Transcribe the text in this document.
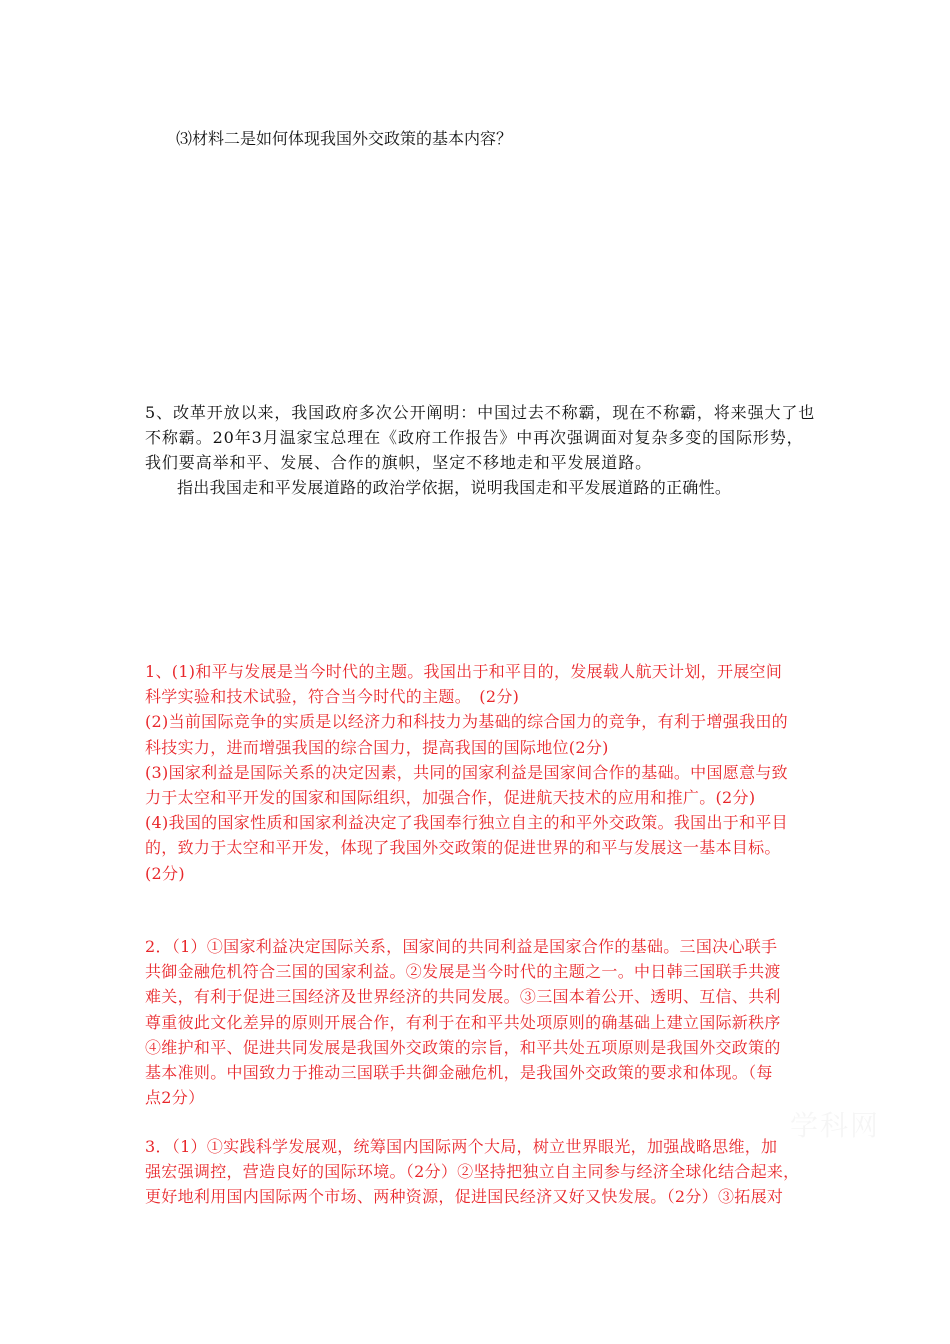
⑶材料二是如何体现我国外交政策的基本内容？
5、改革开放以来，我国政府多次公开阐明：中国过去不称霸，现在不称霸，将来强大了也
不称霸。20年3月温家宝总理在《政府工作报告》中再次强调面对复杂多变的国际形势，
我们要高举和平、发展、合作的旗帜，坚定不移地走和平发展道路。
指出我国走和平发展道路的政治学依据，说明我国走和平发展道路的正确性。
1、(1)和平与发展是当今时代的主题。我国出于和平目的，发展载人航天计划，开展空间
科学实验和技术试验，符合当今时代的主题。　(2分)
(2)当前国际竞争的实质是以经济力和科技力为基础的综合国力的竞争，有利于增强我田的
科技实力，进而增强我国的综合国力，提高我国的国际地位(2分)
(3)国家利益是国际关系的决定因素，共同的国家利益是国家间合作的基础。中国愿意与致
力于太空和平开发的国家和国际组织，加强合作，促进航天技术的应用和推广。(2分)
(4)我国的国家性质和国家利益决定了我国奉行独立自主的和平外交政策。我国出于和平目
的，致力于太空和平开发，体现了我国外交政策的促进世界的和平与发展这一基本目标。
(2分)
2．（1）①国家利益决定国际关系，国家间的共同利益是国家合作的基础。三国决心联手
共御金融危机符合三国的国家利益。②发展是当今时代的主题之一。中日韩三国联手共渡
难关，有利于促进三国经济及世界经济的共同发展。③三国本着公开、透明、互信、共利
尊重彼此文化差异的原则开展合作，有利于在和平共处项原则的确基础上建立国际新秩序
④维护和平、促进共同发展是我国外交政策的宗旨，和平共处五项原则是我国外交政策的
基本准则。中国致力于推动三国联手共御金融危机，是我国外交政策的要求和体现。（每
点2分）
3．（1）①实践科学发展观，统筹国内国际两个大局，树立世界眼光，加强战略思维，加
强宏强调控，营造良好的国际环境。（2分）②坚持把独立自主同参与经济全球化结合起来，
更好地利用国内国际两个市场、两种资源，促进国民经济又好又快发展。（2分）③拓展对
